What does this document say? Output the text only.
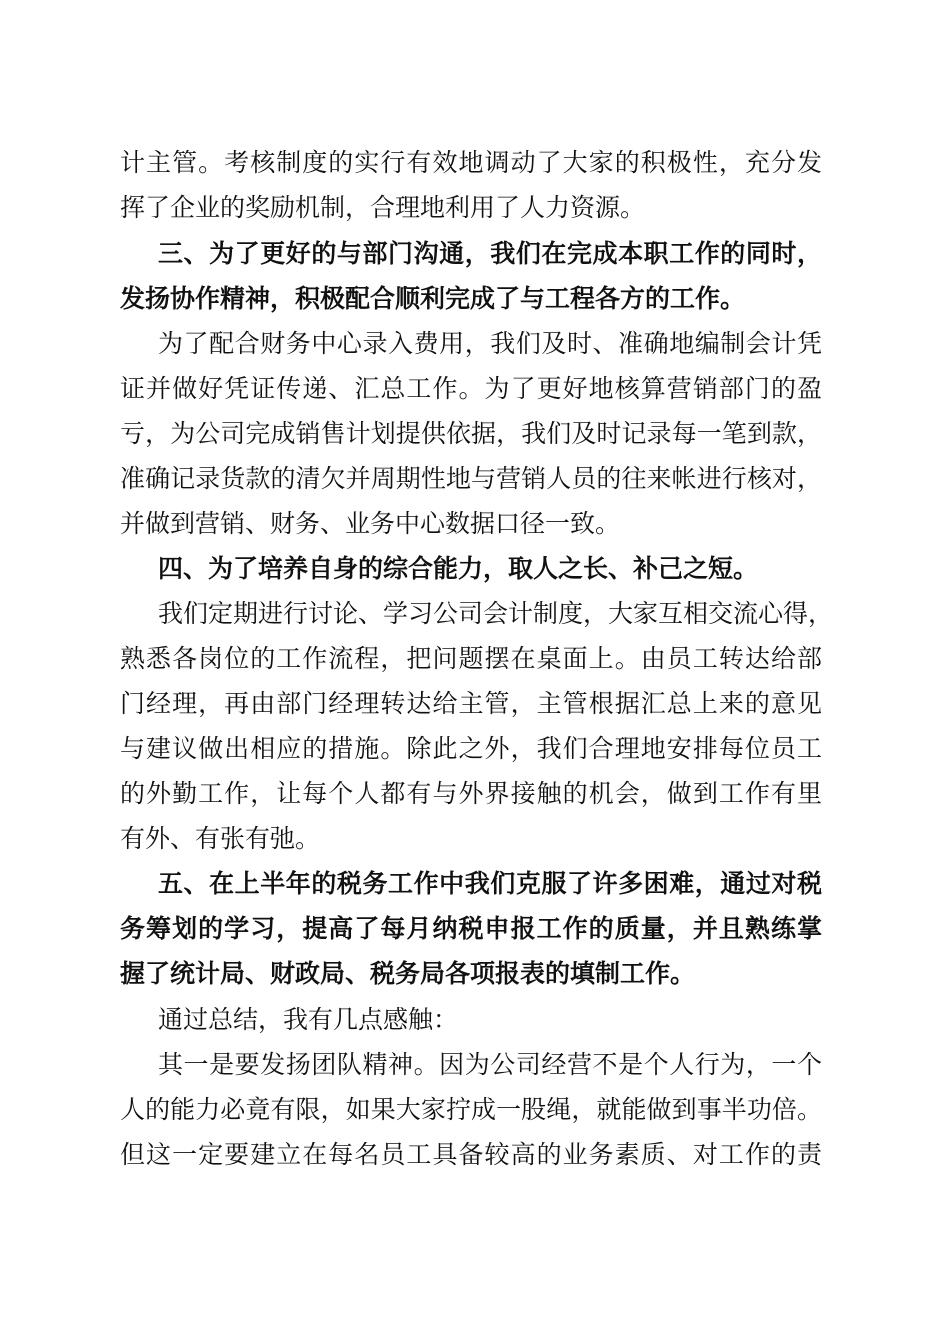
计主管。考核制度的实行有效地调动了大家的积极性，充分发
挥了企业的奖励机制，合理地利用了人力资源。
三、为了更好的与部门沟通，我们在完成本职工作的同时，
发扬协作精神，积极配合顺利完成了与工程各方的工作。
为了配合财务中心录入费用，我们及时、准确地编制会计凭
证并做好凭证传递、汇总工作。为了更好地核算营销部门的盈
亏，为公司完成销售计划提供依据，我们及时记录每一笔到款，
准确记录货款的清欠并周期性地与营销人员的往来帐进行核对，
并做到营销、财务、业务中心数据口径一致。
四、为了培养自身的综合能力，取人之长、补己之短。
我们定期进行讨论、学习公司会计制度，大家互相交流心得，
熟悉各岗位的工作流程，把问题摆在桌面上。由员工转达给部
门经理，再由部门经理转达给主管，主管根据汇总上来的意见
与建议做出相应的措施。除此之外，我们合理地安排每位员工
的外勤工作，让每个人都有与外界接触的机会，做到工作有里
有外、有张有弛。
五、在上半年的税务工作中我们克服了许多困难，通过对税
务筹划的学习，提高了每月纳税申报工作的质量，并且熟练掌
握了统计局、财政局、税务局各项报表的填制工作。
通过总结，我有几点感触：
其一是要发扬团队精神。因为公司经营不是个人行为，一个
人的能力必竟有限，如果大家拧成一股绳，就能做到事半功倍。
但这一定要建立在每名员工具备较高的业务素质、对工作的责
